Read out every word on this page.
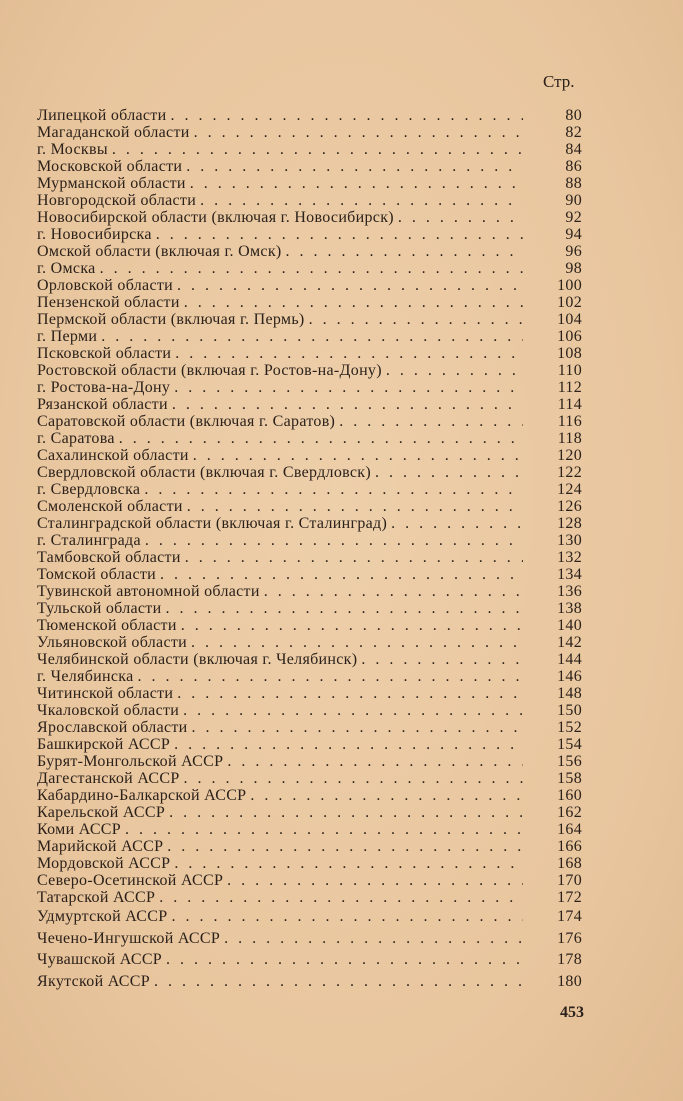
Стр.
Липецкой области . . .	80
Магаданской области . . .	82
г. Москвы . . .	84
Московской области . . .	86
Мурманской области . . .	88
Новгородской области . . .	90
Новосибирской области (включая г. Новосибирск) . . .	92
г. Новосибирска . . .	94
Омской области (включая г. Омск) . . .	96
г. Омска . . .	98
Орловской области . . .	100
Пензенской области . . .	102
Пермской области (включая г. Пермь) . . .	104
г. Перми . . .	106
Псковской области . . .	108
Ростовской области (включая г. Ростов-на-Дону) . . .	110
г. Ростова-на-Дону . . .	112
Рязанской области . . .	114
Саратовской области (включая г. Саратов) . . .	116
г. Саратова . . .	118
Сахалинской области . . .	120
Свердловской области (включая г. Свердловск) . . .	122
г. Свердловска . . .	124
Смоленской области . . .	126
Сталинградской области (включая г. Сталинград) . . .	128
г. Сталинграда . . .	130
Тамбовской области . . .	132
Томской области . . .	134
Тувинской автономной области . . .	136
Тульской области . . .	138
Тюменской области . . .	140
Ульяновской области . . .	142
Челябинской области (включая г. Челябинск) . . .	144
г. Челябинска . . .	146
Читинской области . . .	148
Чкаловской области . . .	150
Ярославской области . . .	152
Башкирской АССР . . .	154
Бурят-Монгольской АССР . . .	156
Дагестанской АССР . . .	158
Кабардино-Балкарской АССР . . .	160
Карельской АССР . . .	162
Коми АССР . . .	164
Марийской АССР . . .	166
Мордовской АССР . . .	168
Северо-Осетинской АССР . . .	170
Татарской АССР . . .	172
Удмуртской АССР . . .	174
Чечено-Ингушской АССР . . .	176
Чувашской АССР . . .	178
Якутской АССР . . .	180
453
